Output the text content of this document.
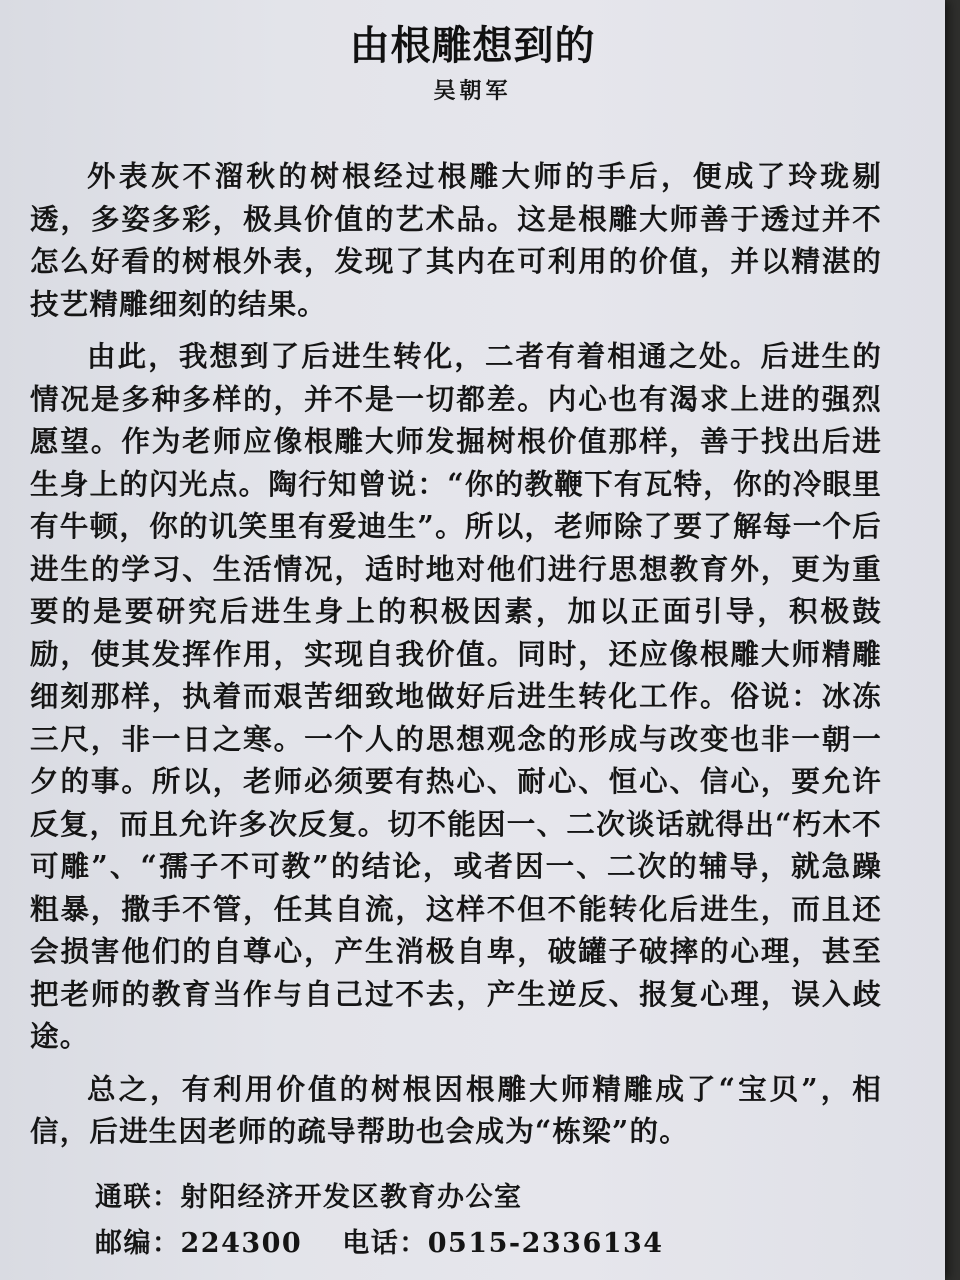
由根雕想到的
吴朝军

外表灰不溜秋的树根经过根雕大师的手后，便成了玲珑剔透，多姿多彩，极具价值的艺术品。这是根雕大师善于透过并不怎么好看的树根外表，发现了其内在可利用的价值，并以精湛的技艺精雕细刻的结果。

由此，我想到了后进生转化，二者有着相通之处。后进生的情况是多种多样的，并不是一切都差。内心也有渴求上进的强烈愿望。作为老师应像根雕大师发掘树根价值那样，善于找出后进生身上的闪光点。陶行知曾说：“你的教鞭下有瓦特，你的冷眼里有牛顿，你的讥笑里有爱迪生”。所以，老师除了要了解每一个后进生的学习、生活情况，适时地对他们进行思想教育外，更为重要的是要研究后进生身上的积极因素，加以正面引导，积极鼓励，使其发挥作用，实现自我价值。同时，还应像根雕大师精雕细刻那样，执着而艰苦细致地做好后进生转化工作。俗说：冰冻三尺，非一日之寒。一个人的思想观念的形成与改变也非一朝一夕的事。所以，老师必须要有热心、耐心、恒心、信心，要允许反复，而且允许多次反复。切不能因一、二次谈话就得出“朽木不可雕”、“孺子不可教”的结论，或者因一、二次的辅导，就急躁粗暴，撒手不管，任其自流，这样不但不能转化后进生，而且还会损害他们的自尊心，产生消极自卑，破罐子破摔的心理，甚至把老师的教育当作与自己过不去，产生逆反、报复心理，误入歧途。

总之，有利用价值的树根因根雕大师精雕成了“宝贝”，相信，后进生因老师的疏导帮助也会成为“栋梁”的。

通联：射阳经济开发区教育办公室
邮编：224300 电话：0515-2336134
